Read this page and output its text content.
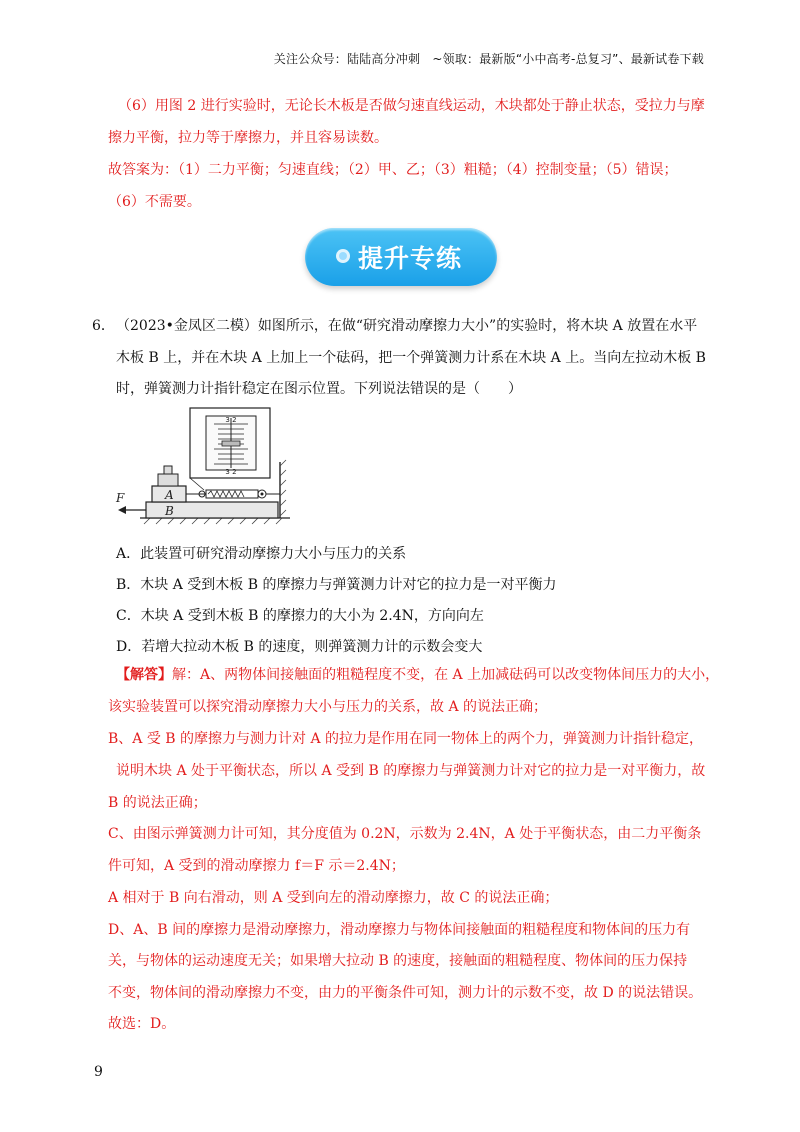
关注公众号：陆陆高分冲刺　~领取：最新版“小中高考-总复习”、最新试卷下载
（6）用图 2 进行实验时，无论长木板是否做匀速直线运动，木块都处于静止状态，受拉力与摩
擦力平衡，拉力等于摩擦力，并且容易读数。
故答案为：（1）二力平衡；匀速直线；（2）甲、乙；（3）粗糙；（4）控制变量；（5）错误；
（6）不需要。
提升专练
6． （2023•金凤区二模）如图所示，在做“研究滑动摩擦力大小”的实验时，将木块 A 放置在水平
木板 B 上，并在木块 A 上加上一个砝码，把一个弹簧测力计系在木块 A 上。当向左拉动木板 B
时，弹簧测力计指针稳定在图示位置。下列说法错误的是（　　）
3 2
3 2
F	A
B
A．此装置可研究滑动摩擦力大小与压力的关系
B．木块 A 受到木板 B 的摩擦力与弹簧测力计对它的拉力是一对平衡力
C．木块 A 受到木板 B 的摩擦力的大小为 2.4N，方向向左
D．若增大拉动木板 B 的速度，则弹簧测力计的示数会变大
【解答】解：A、两物体间接触面的粗糙程度不变，在 A 上加减砝码可以改变物体间压力的大小，
该实验装置可以探究滑动摩擦力大小与压力的关系，故 A 的说法正确；
B、A 受 B 的摩擦力与测力计对 A 的拉力是作用在同一物体上的两个力，弹簧测力计指针稳定，
说明木块 A 处于平衡状态，所以 A 受到 B 的摩擦力与弹簧测力计对它的拉力是一对平衡力，故
B 的说法正确；
C、由图示弹簧测力计可知，其分度值为 0.2N，示数为 2.4N，A 处于平衡状态，由二力平衡条
件可知，A 受到的滑动摩擦力 f＝F 示＝2.4N；
A 相对于 B 向右滑动，则 A 受到向左的滑动摩擦力，故 C 的说法正确；
D、A、B 间的摩擦力是滑动摩擦力，滑动摩擦力与物体间接触面的粗糙程度和物体间的压力有
关，与物体的运动速度无关；如果增大拉动 B 的速度，接触面的粗糙程度、物体间的压力保持
不变，物体间的滑动摩擦力不变，由力的平衡条件可知，测力计的示数不变，故 D 的说法错误。
故选：D。
9
